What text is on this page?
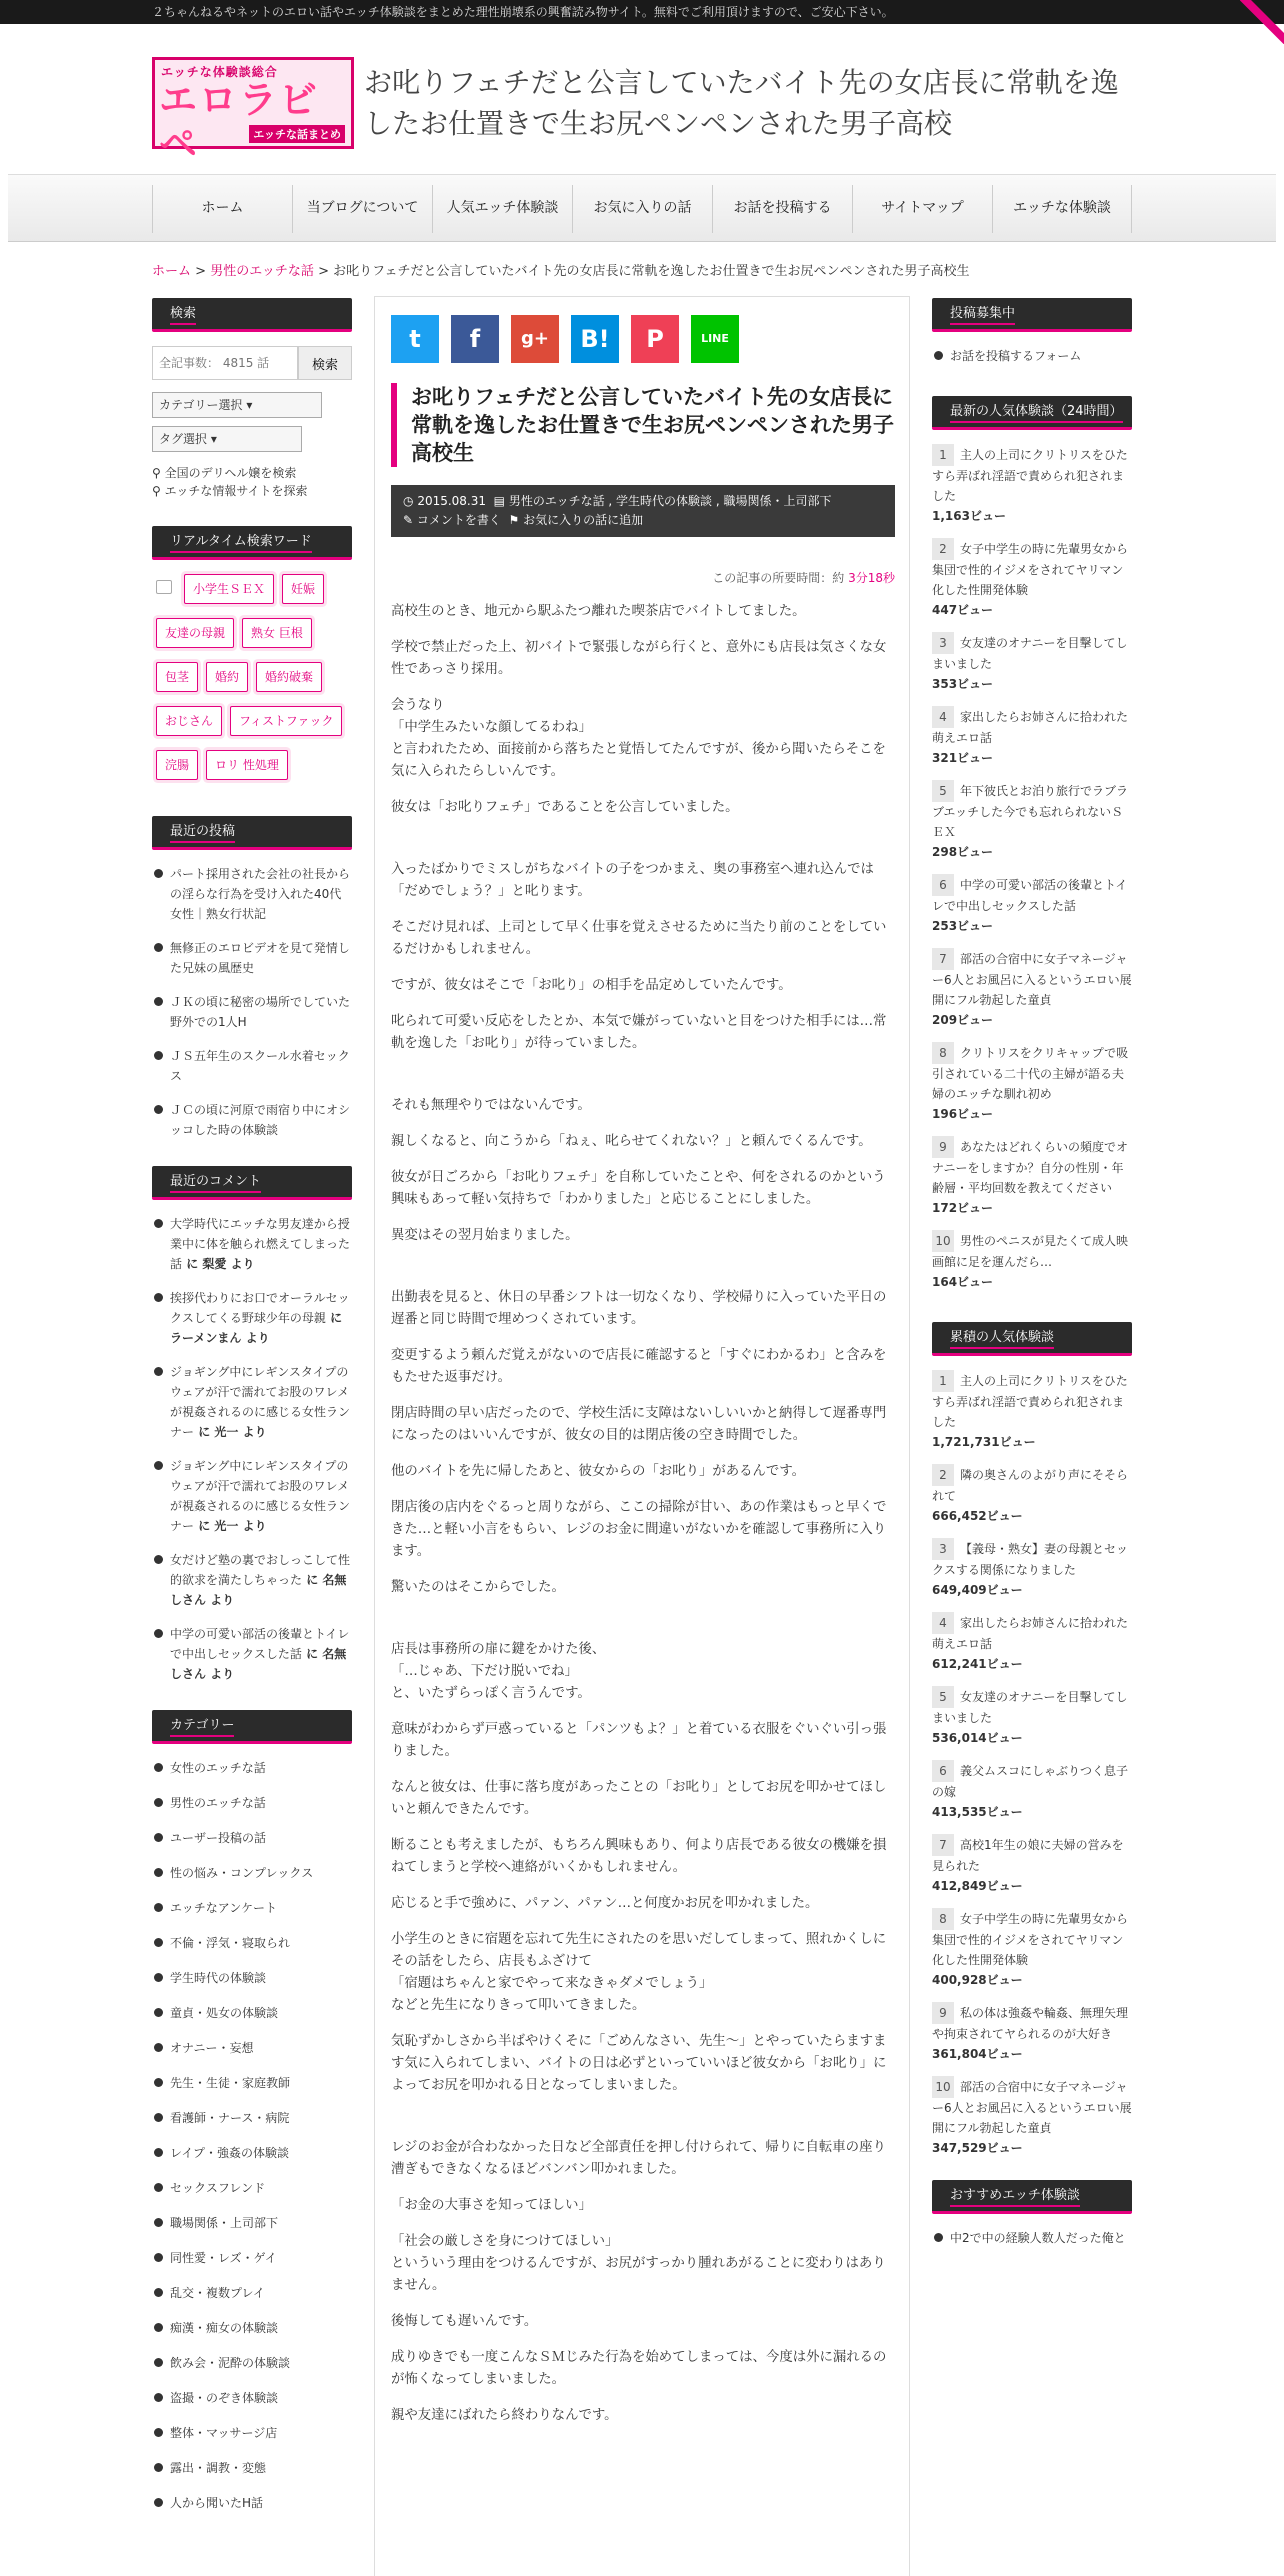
２ちゃんねるやネットのエロい話やエッチ体験談をまとめた理性崩壊系の興奮読み物サイト。無料でご利用頂けますので、ご安心下さい。
エッチな体験談総合
エロラビペ	エッチな話まとめ
お叱りフェチだと公言していたバイト先の女店長に常軌を逸したお仕置きで生お尻ペンペンされた男子高校
ホーム	当ブログについて	人気エッチ体験談	お気に入りの話	お話を投稿する	サイトマップ	エッチな体験談
ホーム > 男性のエッチな話 > お叱りフェチだと公言していたバイト先の女店長に常軌を逸したお仕置きで生お尻ペンペンされた男子高校生
検索
全記事数： 4815 話
検索
カテゴリー選択 ▾
タグ選択 ▾
⚲ 全国のデリヘル嬢を検索
⚲ エッチな情報サイトを探索
リアルタイム検索ワード
小学生ＳＥＸ	妊娠
友達の母親	熟女 巨根
包茎	婚約	婚約破棄
おじさん	フィストファック
浣腸	ロリ 性処理
最近の投稿
パート採用された会社の社長からの淫らな行為を受け入れた40代女性｜熟女行状記
無修正のエロビデオを見て発情した兄妹の風歴史
ＪＫの頃に秘密の場所でしていた野外での1人H
ＪＳ五年生のスクール水着セックス
ＪＣの頃に河原で雨宿り中にオシッコした時の体験談
最近のコメント
大学時代にエッチな男友達から授業中に体を触られ燃えてしまった話 に 梨愛 より
挨拶代わりにお口でオーラルセックスしてくる野球少年の母親 に ラーメンまん より
ジョギング中にレギンスタイプのウェアが汗で濡れてお股のワレメが視姦されるのに感じる女性ランナー に 光一 より
ジョギング中にレギンスタイプのウェアが汗で濡れてお股のワレメが視姦されるのに感じる女性ランナー に 光一 より
女だけど塾の裏でおしっこして性的欲求を満たしちゃった に 名無しさん より
中学の可愛い部活の後輩とトイレで中出しセックスした話 に 名無しさん より
カテゴリー
女性のエッチな話
男性のエッチな話
ユーザー投稿の話
性の悩み・コンプレックス
エッチなアンケート
不倫・浮気・寝取られ
学生時代の体験談
童貞・処女の体験談
オナニー・妄想
先生・生徒・家庭教師
看護師・ナース・病院
レイプ・強姦の体験談
セックスフレンド
職場関係・上司部下
同性愛・レズ・ゲイ
乱交・複数プレイ
痴漢・痴女の体験談
飲み会・泥酔の体験談
盗撮・のぞき体験談
整体・マッサージ店
露出・調教・変態
人から聞いたH話
t	f	g+	B!	P	LINE
お叱りフェチだと公言していたバイト先の女店長に常軌を逸したお仕置きで生お尻ペンペンされた男子高校生
◷ 2015.08.31 ▤ 男性のエッチな話 , 学生時代の体験談 , 職場関係・上司部下
✎ コメントを書く ⚑ お気に入りの話に追加
この記事の所要時間：約 3分18秒

高校生のとき、地元から駅ふたつ離れた喫茶店でバイトしてました。

学校で禁止だった上、初バイトで緊張しながら行くと、意外にも店長は気さくな女性であっさり採用。

会うなり
「中学生みたいな顔してるわね」
と言われたため、面接前から落ちたと覚悟してたんですが、後から聞いたらそこを気に入られたらしいんです。

彼女は「お叱りフェチ」であることを公言していました。

入ったばかりでミスしがちなバイトの子をつかまえ、奥の事務室へ連れ込んでは「だめでしょう？」と叱ります。

そこだけ見れば、上司として早く仕事を覚えさせるために当たり前のことをしているだけかもしれません。

ですが、彼女はそこで「お叱り」の相手を品定めしていたんです。

叱られて可愛い反応をしたとか、本気で嫌がっていないと目をつけた相手には…常軌を逸した「お叱り」が待っていました。

それも無理やりではないんです。

親しくなると、向こうから「ねぇ、叱らせてくれない？」と頼んでくるんです。

彼女が日ごろから「お叱りフェチ」を自称していたことや、何をされるのかという興味もあって軽い気持ちで「わかりました」と応じることにしました。

異変はその翌月始まりました。

出勤表を見ると、休日の早番シフトは一切なくなり、学校帰りに入っていた平日の遅番と同じ時間で埋めつくされています。

変更するよう頼んだ覚えがないので店長に確認すると「すぐにわかるわ」と含みをもたせた返事だけ。

閉店時間の早い店だったので、学校生活に支障はないしいいかと納得して遅番専門になったのはいいんですが、彼女の目的は閉店後の空き時間でした。

他のバイトを先に帰したあと、彼女からの「お叱り」があるんです。

閉店後の店内をぐるっと周りながら、ここの掃除が甘い、あの作業はもっと早くできた…と軽い小言をもらい、レジのお金に間違いがないかを確認して事務所に入ります。

驚いたのはそこからでした。

店長は事務所の扉に鍵をかけた後、
「…じゃあ、下だけ脱いでね」
と、いたずらっぽく言うんです。

意味がわからず戸惑っていると「パンツもよ？」と着ている衣服をぐいぐい引っ張りました。

なんと彼女は、仕事に落ち度があったことの「お叱り」としてお尻を叩かせてほしいと頼んできたんです。

断ることも考えましたが、もちろん興味もあり、何より店長である彼女の機嫌を損ねてしまうと学校へ連絡がいくかもしれません。

応じると手で強めに、パァン、パァン…と何度かお尻を叩かれました。

小学生のときに宿題を忘れて先生にされたのを思いだしてしまって、照れかくしにその話をしたら、店長もふざけて
「宿題はちゃんと家でやって来なきゃダメでしょう」
などと先生になりきって叩いてきました。

気恥ずかしさから半ばやけくそに「ごめんなさい、先生～」とやっていたらますます気に入られてしまい、バイトの日は必ずといっていいほど彼女から「お叱り」によってお尻を叩かれる日となってしまいました。

レジのお金が合わなかった日など全部責任を押し付けられて、帰りに自転車の座り漕ぎもできなくなるほどバンバン叩かれました。

「お金の大事さを知ってほしい」

「社会の厳しさを身につけてほしい」
といういう理由をつけるんですが、お尻がすっかり腫れあがることに変わりはありません。

後悔しても遅いんです。

成りゆきでも一度こんなＳＭじみた行為を始めてしまっては、今度は外に漏れるのが怖くなってしまいました。

親や友達にばれたら終わりなんです。

投稿募集中
お話を投稿するフォーム
最新の人気体験談（24時間）
1 主人の上司にクリトリスをひたすら弄ばれ淫語で責められ犯されました
1,163ビュー
2 女子中学生の時に先輩男女から集団で性的イジメをされてヤリマン化した性開発体験
447ビュー
3 女友達のオナニーを目撃してしまいました
353ビュー
4 家出したらお姉さんに拾われた萌えエロ話
321ビュー
5 年下彼氏とお泊り旅行でラブラブエッチした今でも忘れられないＳＥＸ
298ビュー
6 中学の可愛い部活の後輩とトイレで中出しセックスした話
253ビュー
7 部活の合宿中に女子マネージャー6人とお風呂に入るというエロい展開にフル勃起した童貞
209ビュー
8 クリトリスをクリキャップで吸引されている二十代の主婦が語る夫婦のエッチな馴れ初め
196ビュー
9 あなたはどれくらいの頻度でオナニーをしますか？自分の性別・年齢層・平均回数を教えてください
172ビュー
10 男性のペニスが見たくて成人映画館に足を運んだら…
164ビュー
累積の人気体験談
1 主人の上司にクリトリスをひたすら弄ばれ淫語で責められ犯されました
1,721,731ビュー
2 隣の奥さんのよがり声にそそられて
666,452ビュー
3 【義母・熟女】妻の母親とセックスする関係になりました
649,409ビュー
4 家出したらお姉さんに拾われた萌えエロ話
612,241ビュー
5 女友達のオナニーを目撃してしまいました
536,014ビュー
6 義父ムスコにしゃぶりつく息子の嫁
413,535ビュー
7 高校1年生の娘に夫婦の営みを見られた
412,849ビュー
8 女子中学生の時に先輩男女から集団で性的イジメをされてヤリマン化した性開発体験
400,928ビュー
9 私の体は強姦や輪姦、無理矢理や拘束されてヤられるのが大好き
361,804ビュー
10 部活の合宿中に女子マネージャー6人とお風呂に入るというエロい展開にフル勃起した童貞
347,529ビュー
おすすめエッチ体験談
中2で中の経験人数人だった俺と
